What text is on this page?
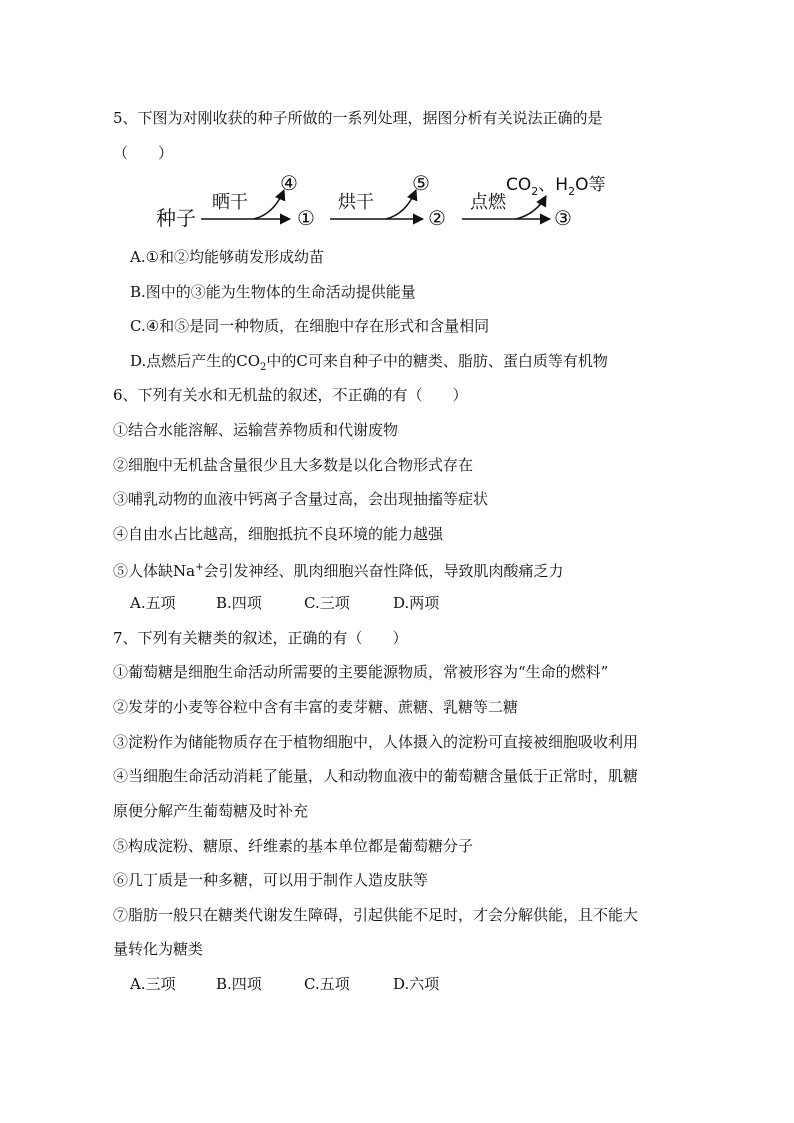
5、下图为对刚收获的种子所做的一系列处理，据图分析有关说法正确的是
（　　）
种子
晒干
④
①
烘干
⑤
②
点燃
③
$CO_2$、$H_2O$等
A.①和②均能够萌发形成幼苗
B.图中的③能为生物体的生命活动提供能量
C.④和⑤是同一种物质，在细胞中存在形式和含量相同
D.点燃后产生的$CO_2$中的C可来自种子中的糖类、脂肪、蛋白质等有机物
6、下列有关水和无机盐的叙述，不正确的有（　　）
①结合水能溶解、运输营养物质和代谢废物
②细胞中无机盐含量很少且大多数是以化合物形式存在
③哺乳动物的血液中钙离子含量过高，会出现抽搐等症状
④自由水占比越高，细胞抵抗不良环境的能力越强
⑤人体缺Na+会引发神经、肌肉细胞兴奋性降低，导致肌肉酸痛乏力
A.五项	B.四项	C.三项	D.两项
7、下列有关糖类的叙述，正确的有（　　）
①葡萄糖是细胞生命活动所需要的主要能源物质，常被形容为“生命的燃料”
②发芽的小麦等谷粒中含有丰富的麦芽糖、蔗糖、乳糖等二糖
③淀粉作为储能物质存在于植物细胞中，人体摄入的淀粉可直接被细胞吸收利用
④当细胞生命活动消耗了能量，人和动物血液中的葡萄糖含量低于正常时，肌糖
原便分解产生葡萄糖及时补充
⑤构成淀粉、糖原、纤维素的基本单位都是葡萄糖分子
⑥几丁质是一种多糖，可以用于制作人造皮肤等
⑦脂肪一般只在糖类代谢发生障碍，引起供能不足时，才会分解供能，且不能大
量转化为糖类
A.三项	B.四项	C.五项	D.六项
